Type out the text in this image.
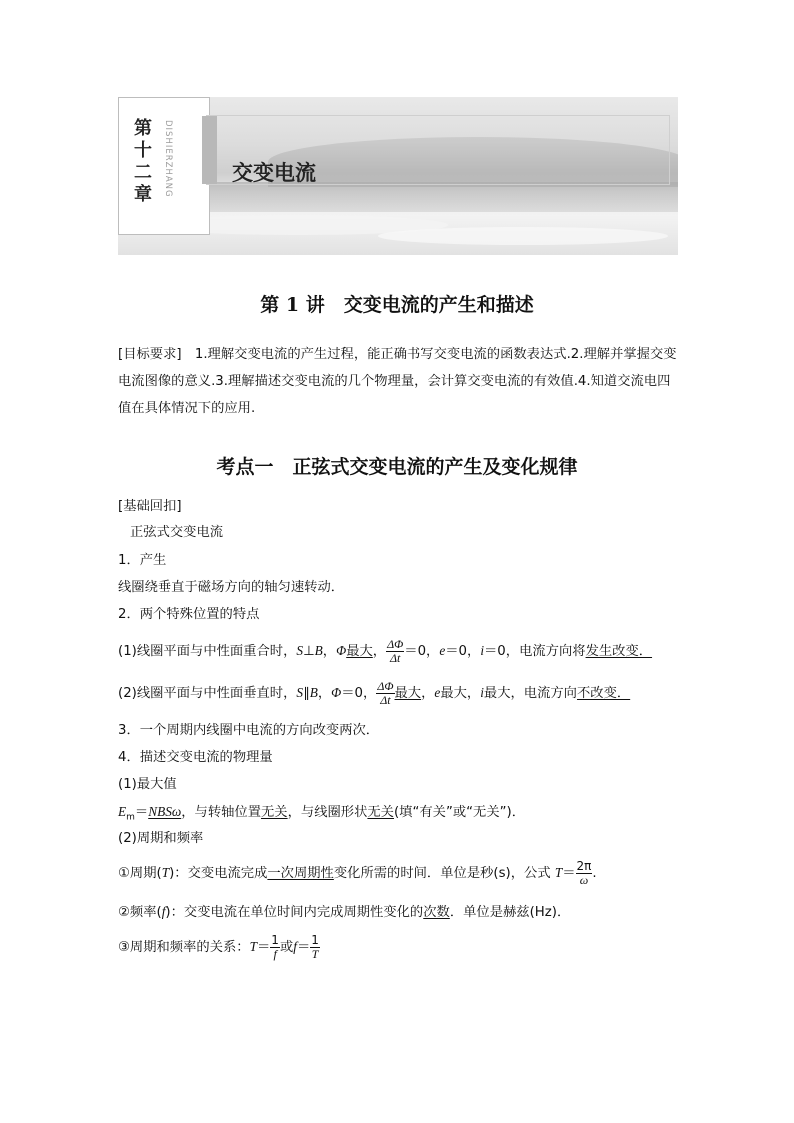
第
十
二
章 DISHIERZHANG	交变电流
第 1 讲　交变电流的产生和描述
[目标要求]　1.理解交变电流的产生过程，能正确书写交变电流的函数表达式.2.理解并掌握交变电流图像的意义.3.理解描述交变电流的几个物理量，会计算交变电流的有效值.4.知道交流电四值在具体情况下的应用.
考点一　正弦式交变电流的产生及变化规律
[基础回扣]
正弦式交变电流
1．产生
线圈绕垂直于磁场方向的轴匀速转动．
2．两个特殊位置的特点
(1)线圈平面与中性面重合时，S⊥B，Φ最大， $\frac{\Delta\Phi}{\Delta t} =0$，e＝0，i＝0，电流方向将发生改变．
(2)线圈平面与中性面垂直时，S∥B，Φ＝0， $\frac{\Delta\Phi}{\Delta t}$ 最大，e最大，i最大，电流方向不改变．
3．一个周期内线圈中电流的方向改变两次．
4．描述交变电流的物理量
(1)最大值
$E_m=NBS\omega$，与转轴位置无关，与线圈形状无关(填“有关”或“无关”)．
(2)周期和频率
①周期(T)：交变电流完成一次周期性变化所需的时间．单位是秒(s)，公式 $T= \frac{2\pi}{\omega}$ .
②频率(f)：交变电流在单位时间内完成周期性变化的次数．单位是赫兹(Hz)．
③周期和频率的关系：$T= \frac{1}{f}$ 或$f= \frac{1}{T}$
